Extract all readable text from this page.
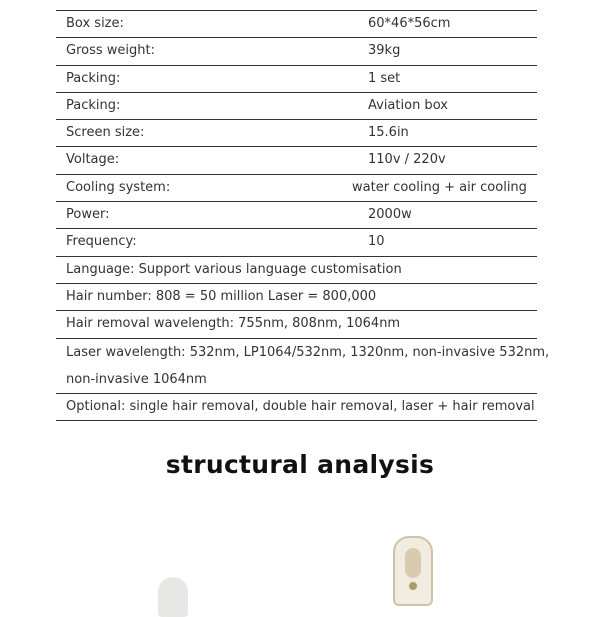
Box size:	60*46*56cm
Gross weight:	39kg
Packing:	1 set
Packing:	Aviation box
Screen size:	15.6in
Voltage:	110v / 220v
Cooling system:	water cooling + air cooling
Power:	2000w
Frequency:	10
Language: Support various language customisation
Hair number: 808 = 50 million Laser = 800,000
Hair removal wavelength: 755nm, 808nm, 1064nm
Laser wavelength: 532nm, LP1064/532nm, 1320nm, non-invasive 532nm, non-invasive 1064nm
Optional: single hair removal, double hair removal, laser + hair removal
structural analysis
